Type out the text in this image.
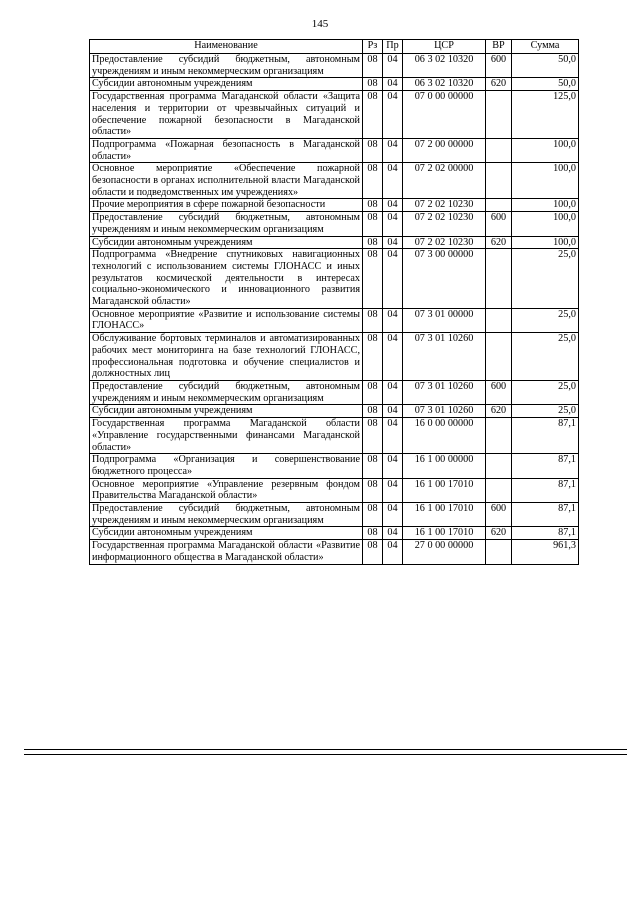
145
Наименование	Рз	Пр	ЦСР	ВР	Сумма
Предоставление субсидий бюджетным, автономным учреждениям и иным некоммерческим организациям	08	04	06 3 02 10320	600	50,0
Субсидии автономным учреждениям	08	04	06 3 02 10320	620	50,0
Государственная программа Магаданской области «Защита населения и территории от чрезвычайных ситуаций и обеспечение пожарной безопасности в Магаданской области»	08	04	07 0 00 00000		125,0
Подпрограмма «Пожарная безопасность в Магаданской области»	08	04	07 2 00 00000		100,0
Основное мероприятие «Обеспечение пожарной безопасности в органах исполнительной власти Магаданской области и подведомственных им учреждениях»	08	04	07 2 02 00000		100,0
Прочие мероприятия в сфере пожарной безопасности	08	04	07 2 02 10230		100,0
Предоставление субсидий бюджетным, автономным учреждениям и иным некоммерческим организациям	08	04	07 2 02 10230	600	100,0
Субсидии автономным учреждениям	08	04	07 2 02 10230	620	100,0
Подпрограмма «Внедрение спутниковых навигационных технологий с использованием системы ГЛОНАСС и иных результатов космической деятельности в интересах социально-экономического и инновационного развития Магаданской области»	08	04	07 3 00 00000		25,0
Основное мероприятие «Развитие и использование системы ГЛОНАСС»	08	04	07 3 01 00000		25,0
Обслуживание бортовых терминалов и автоматизированных рабочих мест мониторинга на базе технологий ГЛОНАСС, профессиональная подготовка и обучение специалистов и должностных лиц	08	04	07 3 01 10260		25,0
Предоставление субсидий бюджетным, автономным учреждениям и иным некоммерческим организациям	08	04	07 3 01 10260	600	25,0
Субсидии автономным учреждениям	08	04	07 3 01 10260	620	25,0
Государственная программа Магаданской области «Управление государственными финансами Магаданской области»	08	04	16 0 00 00000		87,1
Подпрограмма «Организация и совершенствование бюджетного процесса»	08	04	16 1 00 00000		87,1
Основное мероприятие «Управление резервным фондом Правительства Магаданской области»	08	04	16 1 00 17010		87,1
Предоставление субсидий бюджетным, автономным учреждениям и иным некоммерческим организациям	08	04	16 1 00 17010	600	87,1
Субсидии автономным учреждениям	08	04	16 1 00 17010	620	87,1
Государственная программа Магаданской области «Развитие информационного общества в Магаданской области»	08	04	27 0 00 00000		961,3
